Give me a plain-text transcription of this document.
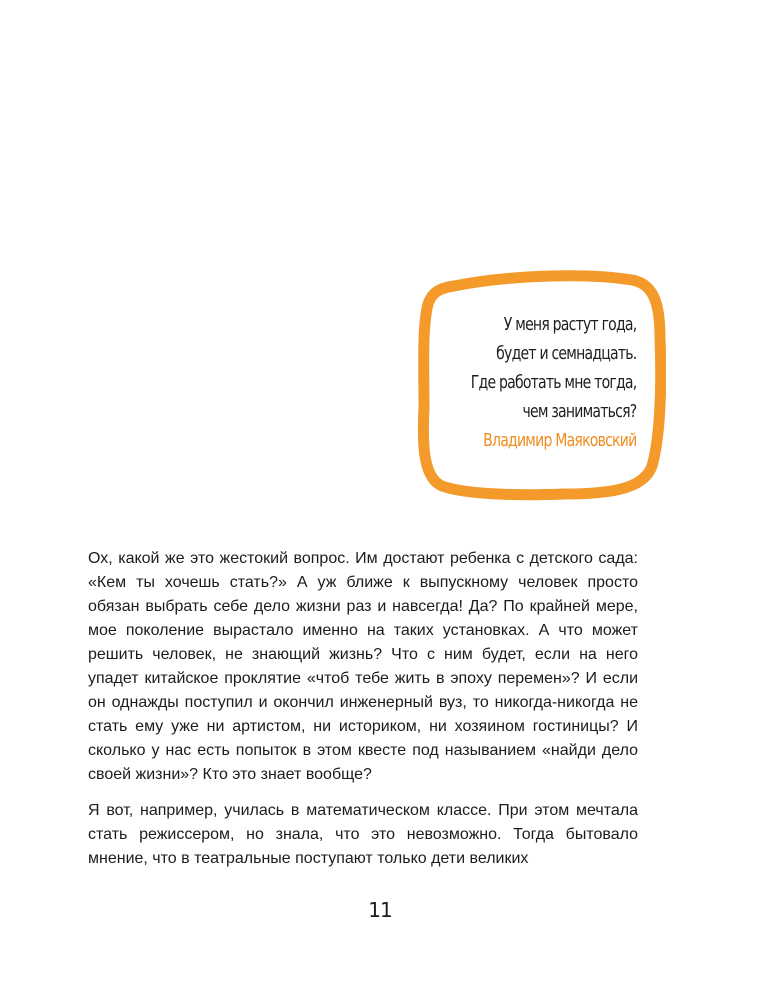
У меня растут года,
будет и семнадцать.
Где работать мне тогда,
чем заниматься?
Владимир Маяковский

Ох, какой же это жестокий вопрос. Им достают ребенка с детского сада: «Кем ты хочешь стать?» А уж ближе к выпускному человек просто обязан выбрать себе дело жизни раз и навсегда! Да? По крайней мере, мое поколение вырастало именно на таких установках. А что может решить человек, не знающий жизнь? Что с ним будет, если на него упадет китайское проклятие «чтоб тебе жить в эпоху перемен»? И если он однажды поступил и окончил инженерный вуз, то никогда-никогда не стать ему уже ни артистом, ни историком, ни хозяином гостиницы? И сколько у нас есть попыток в этом квесте под называнием «найди дело своей жизни»? Кто это знает вообще?

Я вот, например, училась в математическом классе. При этом мечтала стать режиссером, но знала, что это невозможно. Тогда бытовало мнение, что в театральные поступают только дети великих

11
